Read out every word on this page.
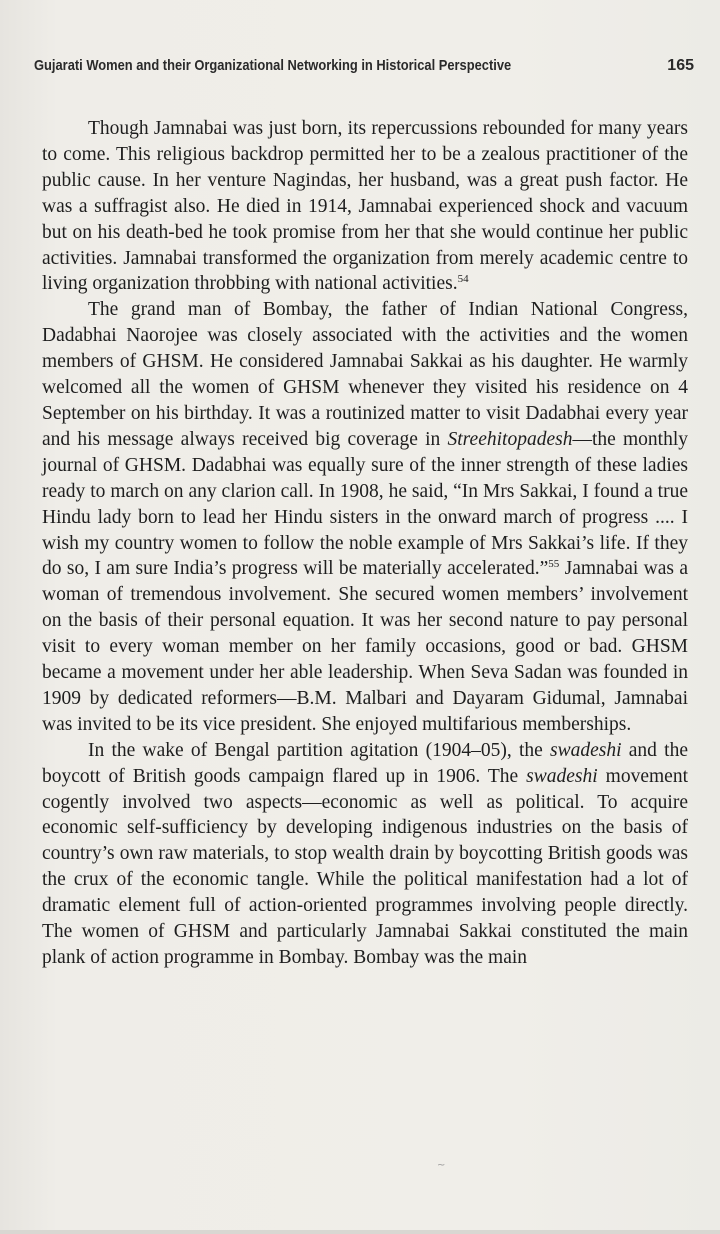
Gujarati Women and their Organizational Networking in Historical Perspective	165

Though Jamnabai was just born, its repercussions rebounded for many years to come. This religious backdrop permitted her to be a zealous practitioner of the public cause. In her venture Nagindas, her husband, was a great push factor. He was a suffragist also. He died in 1914, Jamnabai experienced shock and vacuum but on his death-bed he took promise from her that she would continue her public activities. Jamnabai transformed the organization from merely academic centre to living organization throbbing with national activities.$^{54}$

The grand man of Bombay, the father of Indian National Congress, Dadabhai Naorojee was closely associated with the activities and the women members of GHSM. He considered Jamnabai Sakkai as his daughter. He warmly welcomed all the women of GHSM whenever they visited his residence on 4 September on his birthday. It was a routinized matter to visit Dadabhai every year and his message always received big coverage in Streehitopadesh—the monthly journal of GHSM. Dadabhai was equally sure of the inner strength of these ladies ready to march on any clarion call. In 1908, he said, “In Mrs Sakkai, I found a true Hindu lady born to lead her Hindu sisters in the onward march of progress .... I wish my country women to follow the noble example of Mrs Sakkai’s life. If they do so, I am sure India’s progress will be materially accelerated.”$^{55}$ Jamnabai was a woman of tremendous involvement. She secured women members’ involvement on the basis of their personal equation. It was her second nature to pay personal visit to every woman member on her family occasions, good or bad. GHSM became a movement under her able leadership. When Seva Sadan was founded in 1909 by dedicated reformers—B.M. Malbari and Dayaram Gidumal, Jamnabai was invited to be its vice president. She enjoyed multifarious memberships.

In the wake of Bengal partition agitation (1904–05), the swadeshi and the boycott of British goods campaign flared up in 1906. The swadeshi movement cogently involved two aspects—economic as well as political. To acquire economic self-sufficiency by developing indigenous industries on the basis of country’s own raw materials, to stop wealth drain by boycotting British goods was the crux of the economic tangle. While the political manifestation had a lot of dramatic element full of action-oriented programmes involving people directly. The women of GHSM and particularly Jamnabai Sakkai constituted the main plank of action programme in Bombay. Bombay was the main

~
